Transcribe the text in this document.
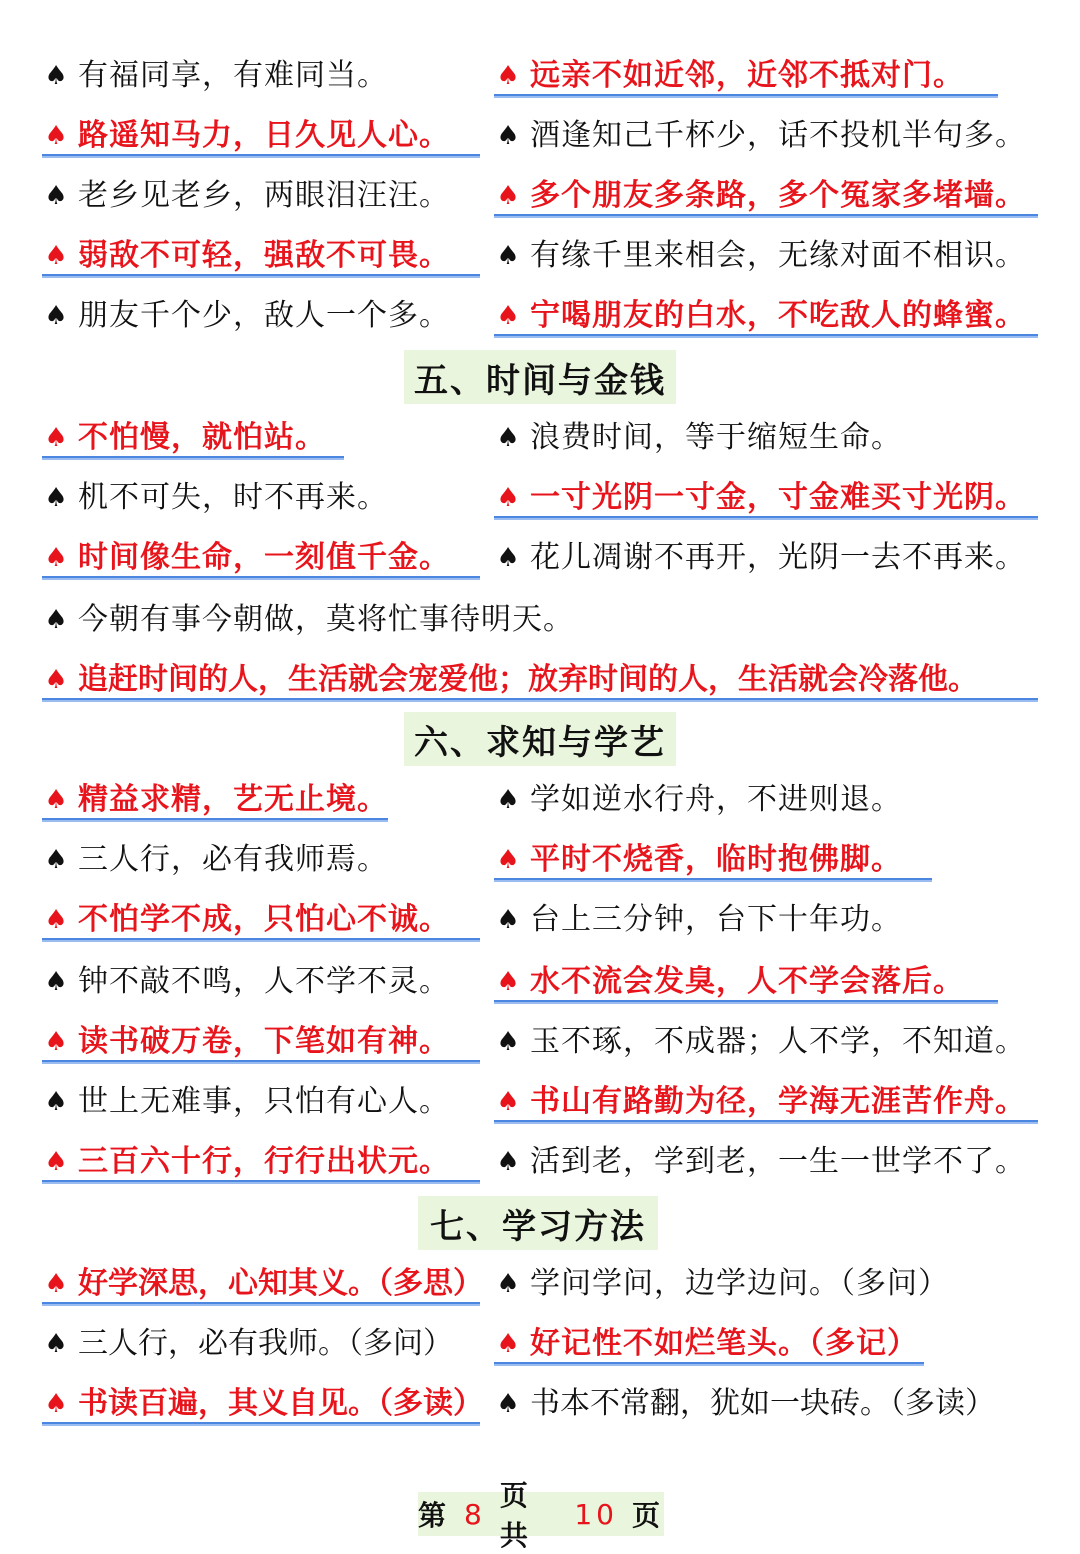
♠ 有福同享，有难同当。	♠ 远亲不如近邻，近邻不抵对门。
♠ 路遥知马力，日久见人心。 ♠ 酒逢知己千杯少，话不投机半句多。
♠ 老乡见老乡，两眼泪汪汪。 ♠ 多个朋友多条路，多个冤家多堵墙。
♠ 弱敌不可轻，强敌不可畏。 ♠ 有缘千里来相会，无缘对面不相识。
♠ 朋友千个少，敌人一个多。 ♠ 宁喝朋友的白水，不吃敌人的蜂蜜。
五、时间与金钱
♠ 不怕慢，就怕站。	♠ 浪费时间，等于缩短生命。
♠ 机不可失，时不再来。	♠ 一寸光阴一寸金，寸金难买寸光阴。
♠ 时间像生命，一刻值千金。 ♠ 花儿凋谢不再开，光阴一去不再来。
♠ 今朝有事今朝做，莫将忙事待明天。
♠ 追赶时间的人，生活就会宠爱他；放弃时间的人，生活就会冷落他。
六、求知与学艺
♠ 精益求精，艺无止境。	♠ 学如逆水行舟，不进则退。
♠ 三人行，必有我师焉。	♠ 平时不烧香，临时抱佛脚。
♠ 不怕学不成，只怕心不诚。 ♠ 台上三分钟，台下十年功。
♠ 钟不敲不鸣，人不学不灵。 ♠ 水不流会发臭，人不学会落后。
♠ 读书破万卷，下笔如有神。 ♠ 玉不琢，不成器；人不学，不知道。
♠ 世上无难事，只怕有心人。 ♠ 书山有路勤为径，学海无涯苦作舟。
♠ 三百六十行，行行出状元。 ♠ 活到老，学到老，一生一世学不了。
七、学习方法
♠ 好学深思，心知其义。（多思） ♠ 学问学问，边学边问。（多问）
♠ 三人行，必有我师。（多问） ♠ 好记性不如烂笔头。（多记）
♠ 书读百遍，其义自见。（多读） ♠ 书本不常翻，犹如一块砖。（多读）
第 8
页 共
10 页
